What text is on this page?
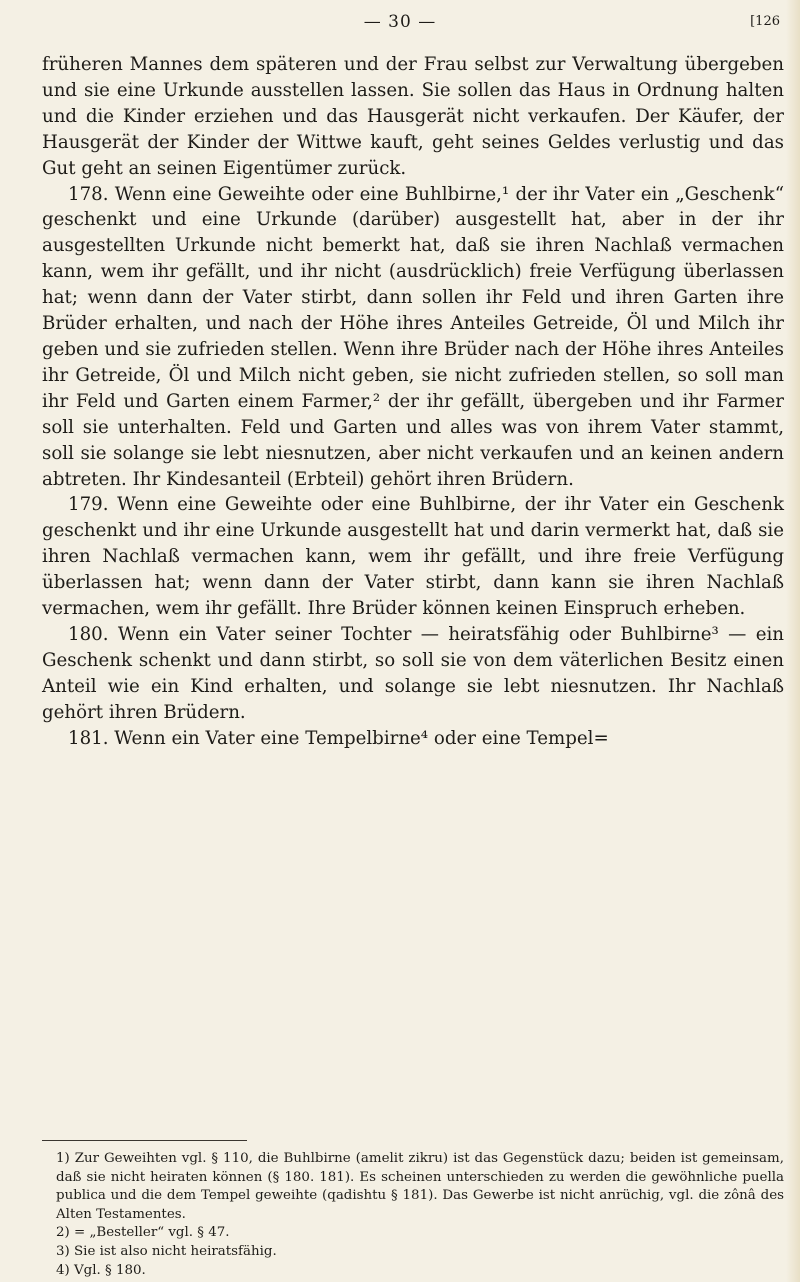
— 30 —	[126

früheren Mannes dem späteren und der Frau selbst zur Verwaltung übergeben und sie eine Urkunde ausstellen lassen. Sie sollen das Haus in Ordnung halten und die Kinder erziehen und das Hausgerät nicht verkaufen. Der Käufer, der Hausgerät der Kinder der Wittwe kauft, geht seines Geldes verlustig und das Gut geht an seinen Eigentümer zurück.

178. Wenn eine Geweihte oder eine Buhlbirne,¹ der ihr Vater ein „Geschenk“ geschenkt und eine Urkunde (darüber) ausgestellt hat, aber in der ihr ausgestellten Urkunde nicht bemerkt hat, daß sie ihren Nachlaß vermachen kann, wem ihr gefällt, und ihr nicht (ausdrücklich) freie Verfügung überlassen hat; wenn dann der Vater stirbt, dann sollen ihr Feld und ihren Garten ihre Brüder erhalten, und nach der Höhe ihres Anteiles Getreide, Öl und Milch ihr geben und sie zufrieden stellen. Wenn ihre Brüder nach der Höhe ihres Anteiles ihr Getreide, Öl und Milch nicht geben, sie nicht zufrieden stellen, so soll man ihr Feld und Garten einem Farmer,² der ihr gefällt, übergeben und ihr Farmer soll sie unterhalten. Feld und Garten und alles was von ihrem Vater stammt, soll sie solange sie lebt niesnutzen, aber nicht verkaufen und an keinen andern abtreten. Ihr Kindesanteil (Erbteil) gehört ihren Brüdern.

179. Wenn eine Geweihte oder eine Buhlbirne, der ihr Vater ein Geschenk geschenkt und ihr eine Urkunde ausgestellt hat und darin vermerkt hat, daß sie ihren Nachlaß vermachen kann, wem ihr gefällt, und ihre freie Verfügung überlassen hat; wenn dann der Vater stirbt, dann kann sie ihren Nachlaß vermachen, wem ihr gefällt. Ihre Brüder können keinen Einspruch erheben.

180. Wenn ein Vater seiner Tochter — heiratsfähig oder Buhlbirne³ — ein Geschenk schenkt und dann stirbt, so soll sie von dem väterlichen Besitz einen Anteil wie ein Kind erhalten, und solange sie lebt niesnutzen. Ihr Nachlaß gehört ihren Brüdern.

181. Wenn ein Vater eine Tempelbirne⁴ oder eine Tempel=

1) Zur Geweihten vgl. § 110, die Buhlbirne (amelit zikru) ist das Gegenstück dazu; beiden ist gemeinsam, daß sie nicht heiraten können (§ 180. 181). Es scheinen unterschieden zu werden die gewöhnliche puella publica und die dem Tempel geweihte (qadishtu § 181). Das Gewerbe ist nicht anrüchig, vgl. die zônâ des Alten Testamentes.

2) = „Besteller“ vgl. § 47.

3) Sie ist also nicht heiratsfähig.

4) Vgl. § 180.
